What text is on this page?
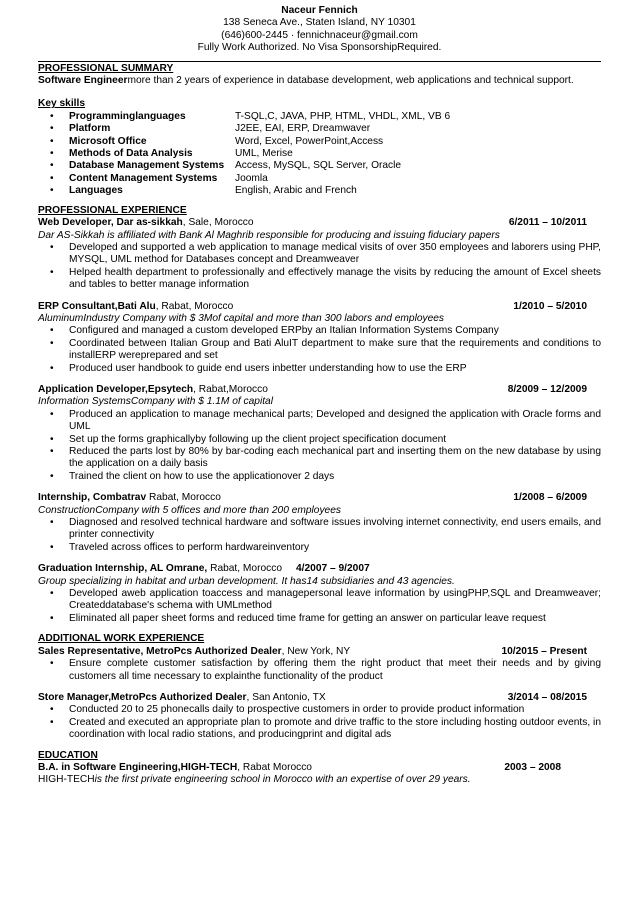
Naceur Fennich
138 Seneca Ave., Staten Island, NY 10301
(646)600-2445 · fennichnaceur@gmail.com
Fully Work Authorized. No Visa SponsorshipRequired.
PROFESSIONAL SUMMARY
Software Engineermore than 2 years of experience in database development, web applications and technical support.
Key skills
• Programminglanguages	T-SQL,C, JAVA, PHP, HTML, VHDL, XML, VB 6
• Platform	J2EE, EAI, ERP, Dreamwaver
• Microsoft Office	Word, Excel, PowerPoint,Access
• Methods of Data Analysis	UML, Merise
• Database Management Systems	Access, MySQL, SQL Server, Oracle
• Content Management Systems	Joomla
• Languages	English, Arabic and French
PROFESSIONAL EXPERIENCE
Web Developer, Dar as-sikkah, Sale, Morocco	6/2011 – 10/2011
Dar AS-Sikkah is affiliated with Bank Al Maghrib responsible for producing and issuing fiduciary papers
• Developed and supported a web application to manage medical visits of over 350 employees and laborers using PHP, MYSQL, UML method for Databases concept and Dreamweaver
• Helped health department to professionally and effectively manage the visits by reducing the amount of Excel sheets and tables to better manage information
ERP Consultant,Bati Alu, Rabat, Morocco	1/2010 – 5/2010
AluminumIndustry Company with $ 3Mof capital and more than 300 labors and employees
• Configured and managed a custom developed ERPby an Italian Information Systems Company
• Coordinated between Italian Group and Bati AluIT department to make sure that the requirements and conditions to installERP wereprepared and set
• Produced user handbook to guide end users inbetter understanding how to use the ERP
Application Developer,Epsytech, Rabat,Morocco	8/2009 – 12/2009
Information SystemsCompany with $ 1.1M of capital
• Produced an application to manage mechanical parts; Developed and designed the application with Oracle forms and UML
• Set up the forms graphicallyby following up the client project specification document
• Reduced the parts lost by 80% by bar-coding each mechanical part and inserting them on the new database by using the application on a daily basis
• Trained the client on how to use the applicationover 2 days
Internship, Combatrav Rabat, Morocco	1/2008 – 6/2009
ConstructionCompany with 5 offices and more than 200 employees
• Diagnosed and resolved technical hardware and software issues involving internet connectivity, end users emails, and printer connectivity
• Traveled across offices to perform hardwareinventory
Graduation Internship, AL Omrane, Rabat, Morocco 4/2007 – 9/2007
Group specializing in habitat and urban development. It has14 subsidiaries and 43 agencies.
• Developed aweb application toaccess and managepersonal leave information by usingPHP,SQL and Dreamweaver; Createddatabase's schema with UMLmethod
• Eliminated all paper sheet forms and reduced time frame for getting an answer on particular leave request
ADDITIONAL WORK EXPERIENCE
Sales Representative, MetroPcs Authorized Dealer, New York, NY	10/2015 – Present
• Ensure complete customer satisfaction by offering them the right product that meet their needs and by giving customers all time necessary to explainthe functionality of the product
Store Manager,MetroPcs Authorized Dealer, San Antonio, TX	3/2014 – 08/2015
• Conducted 20 to 25 phonecalls daily to prospective customers in order to provide product information
• Created and executed an appropriate plan to promote and drive traffic to the store including hosting outdoor events, in coordination with local radio stations, and producingprint and digital ads
EDUCATION
B.A. in Software Engineering,HIGH-TECH, Rabat Morocco	2003 – 2008
HIGH-TECHis the first private engineering school in Morocco with an expertise of over 29 years.
